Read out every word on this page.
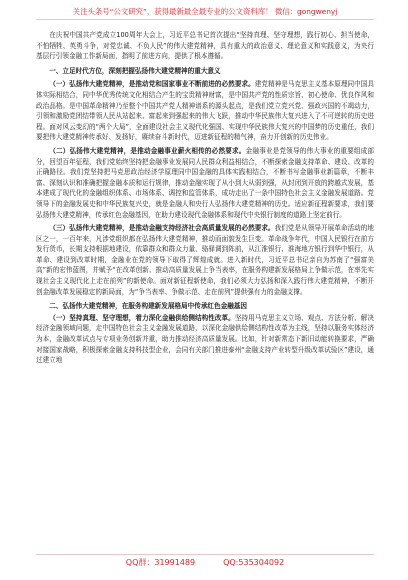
关注头条号“公文研究”，获得最新最全最专业的公文资料库！ 微信：gongwenyj

在庆祝中国共产党成立100周年大会上，习近平总书记首次提出“坚持真理、坚守理想，践行初心、担当使命，不怕牺牲、英勇斗争，对党忠诚、不负人民”的伟大建党精神，具有重大的政治意义、理论意义和实践意义，为央行基层行引领金融工作新局面，指明了前进方向，提供了根本遵循。

一、立足时代方位，深刻把握弘扬伟大建党精神的重大意义

（一）弘扬伟大建党精神，是推动党和国家事业不断前进的必然要求。建党精神是马克思主义基本原理同中国具体实际相结合，同中华优秀传统文化相结合产生的宝贵精神财富，是中国共产党的性质宗旨、初心使命、优良作风和政治品格。是中国革命精神乃至整个中国共产党人精神谱系的源头起点，是我们党立党兴党、强政兴国的不竭动力，引领和激励党团结带领人民从站起来、富起来到强起来的伟大飞跃，推动中华民族伟大复兴进入了不可逆转的历史进程。面对风云变幻的“两个大局”，全面建设社会主义现代化强国、实现中华民族伟大复兴的中国梦的历史重任，我们要把伟大建党精神传承好、发扬好，赓续奋斗新时代，迈进新征程的精气神，奋力开创新的历史伟业。

（二）弘扬伟大建党精神，是推动金融事业薪火相传的必然要求。金融事业是党领导的伟大事业的重要组成部分，回望百年征程，我们党始终坚持把金融事业发展同人民群众利益相结合，不断探索金融支持革命、建设、改革的正确路径。我们党坚持把马克思政治经济学原理同中国金融的具体实践相结合，不断书写金融事业新篇章，不断丰富、深刻认识和准确把握金融本质和运行规律，推动金融实现了从小到大从弱到强，从封闭到开放的跨越式发展，基本建成了现代化的金融组织体系、市场体系、调控和监管体系，成功走出了一条中国特色社会主义金融发展道路。党领导下的金融发展史和中华民族复兴史，就是金融人和央行人弘扬伟大建党精神的历史。适应新征程新要求，我们要弘扬伟大建党精神，传承红色金融基因，在助力建设现代金融体系和现代中央银行制度的道路上坚定前行。

（三）弘扬伟大建党精神，是推动金融支持经济社会高质量发展的必然要求。我们党是从领导开展革命活动的地区之一，一百年来，凡涉党组织都在弘扬伟大建党精神，推动而面貌发生巨变。革命战争年代，中国人民银行在前方发行货币，长期支持根据地建设，依靠群众和群众力量，骆驿调到阵前，从江淮银行、淮海地方银行到华中银行，从革命、建设到改革时期，金融业在党的领导下取得了辉煌成就。进入新时代，习近平总书记亲自为苏南了“强富美高”新的宏伟蓝图，并赋予“在改革创新、推动高质量发展上争当表率，在服务构建新发展格局上争做示范，在率先实现社会主义现代化上走在前列”的新使命。面对新征程新使命，我们必须大力弘扬和深入践行伟大建党精神，不断开创金融改革发展稳定的新局面，为“争当表率、争做示范、走在前列”提供强有力的金融支撑。

二、弘扬伟大建党精神，在服务构建新发展格局中传承红色金融基因

（一）坚持真理、坚守理想，着力深化金融供给侧结构性改革。坚持用马克思主义立场、观点、方法分析、解决经济金融领域问题，走中国特色社会主义金融发展道路，以深化金融供给侧结构性改革为主线，坚持以服务实体经济为本，金融改革试点与专项业务创新并重，助力推动经济高质量发展。比如，针对新常态下新旧动能转换要求，严确对接国家战略，积极探索金融支持科技型企业，会同有关部门推进泰州“金融支持产业转型升级改革试验区”建设，通过建立地

QQ群：31991489	QQ:535304092
